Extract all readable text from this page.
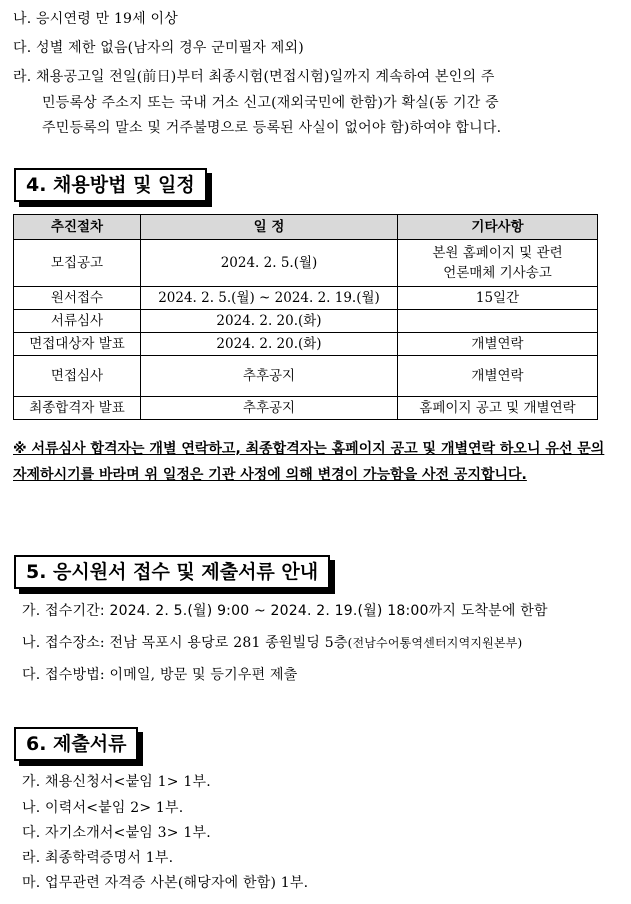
나. 응시연령 만 19세 이상
다. 성별 제한 없음(남자의 경우 군미필자 제외)
라. 채용공고일 전일(前日)부터 최종시험(면접시험)일까지 계속하여 본인의 주
민등록상 주소지 또는 국내 거소 신고(재외국민에 한함)가 확실(동 기간 중
주민등록의 말소 및 거주불명으로 등록된 사실이 없어야 함)하여야 합니다.
4. 채용방법 및 일정
추진절차	일 정	기타사항
모집공고	2024. 2. 5.(월)	본원 홈페이지 및 관련
언론매체 기사송고

원서접수	2024. 2. 5.(월) ~ 2024. 2. 19.(월)	15일간
서류심사	2024. 2. 20.(화)	
면접대상자 발표	2024. 2. 20.(화)	개별연락
면접심사	추후공지	개별연락
최종합격자 발표	추후공지	홈페이지 공고 및 개별연락
※ 서류심사 합격자는 개별 연락하고, 최종합격자는 홈페이지 공고 및 개별연락 하오니 유선 문의 자제하시기를 바라며 위 일정은 기관 사정에 의해 변경이 가능함을 사전 공지합니다.
5. 응시원서 접수 및 제출서류 안내
가. 접수기간: 2024. 2. 5.(월) 9:00 ~ 2024. 2. 19.(월) 18:00까지 도착분에 한함
나. 접수장소: 전남 목포시 용당로 281 종원빌딩 5층(전남수어통역센터지역지원본부)
다. 접수방법: 이메일, 방문 및 등기우편 제출
6. 제출서류
가. 채용신청서<붙임 1> 1부.
나. 이력서<붙임 2> 1부.
다. 자기소개서<붙임 3> 1부.
라. 최종학력증명서 1부.
마. 업무관련 자격증 사본(해당자에 한함) 1부.
